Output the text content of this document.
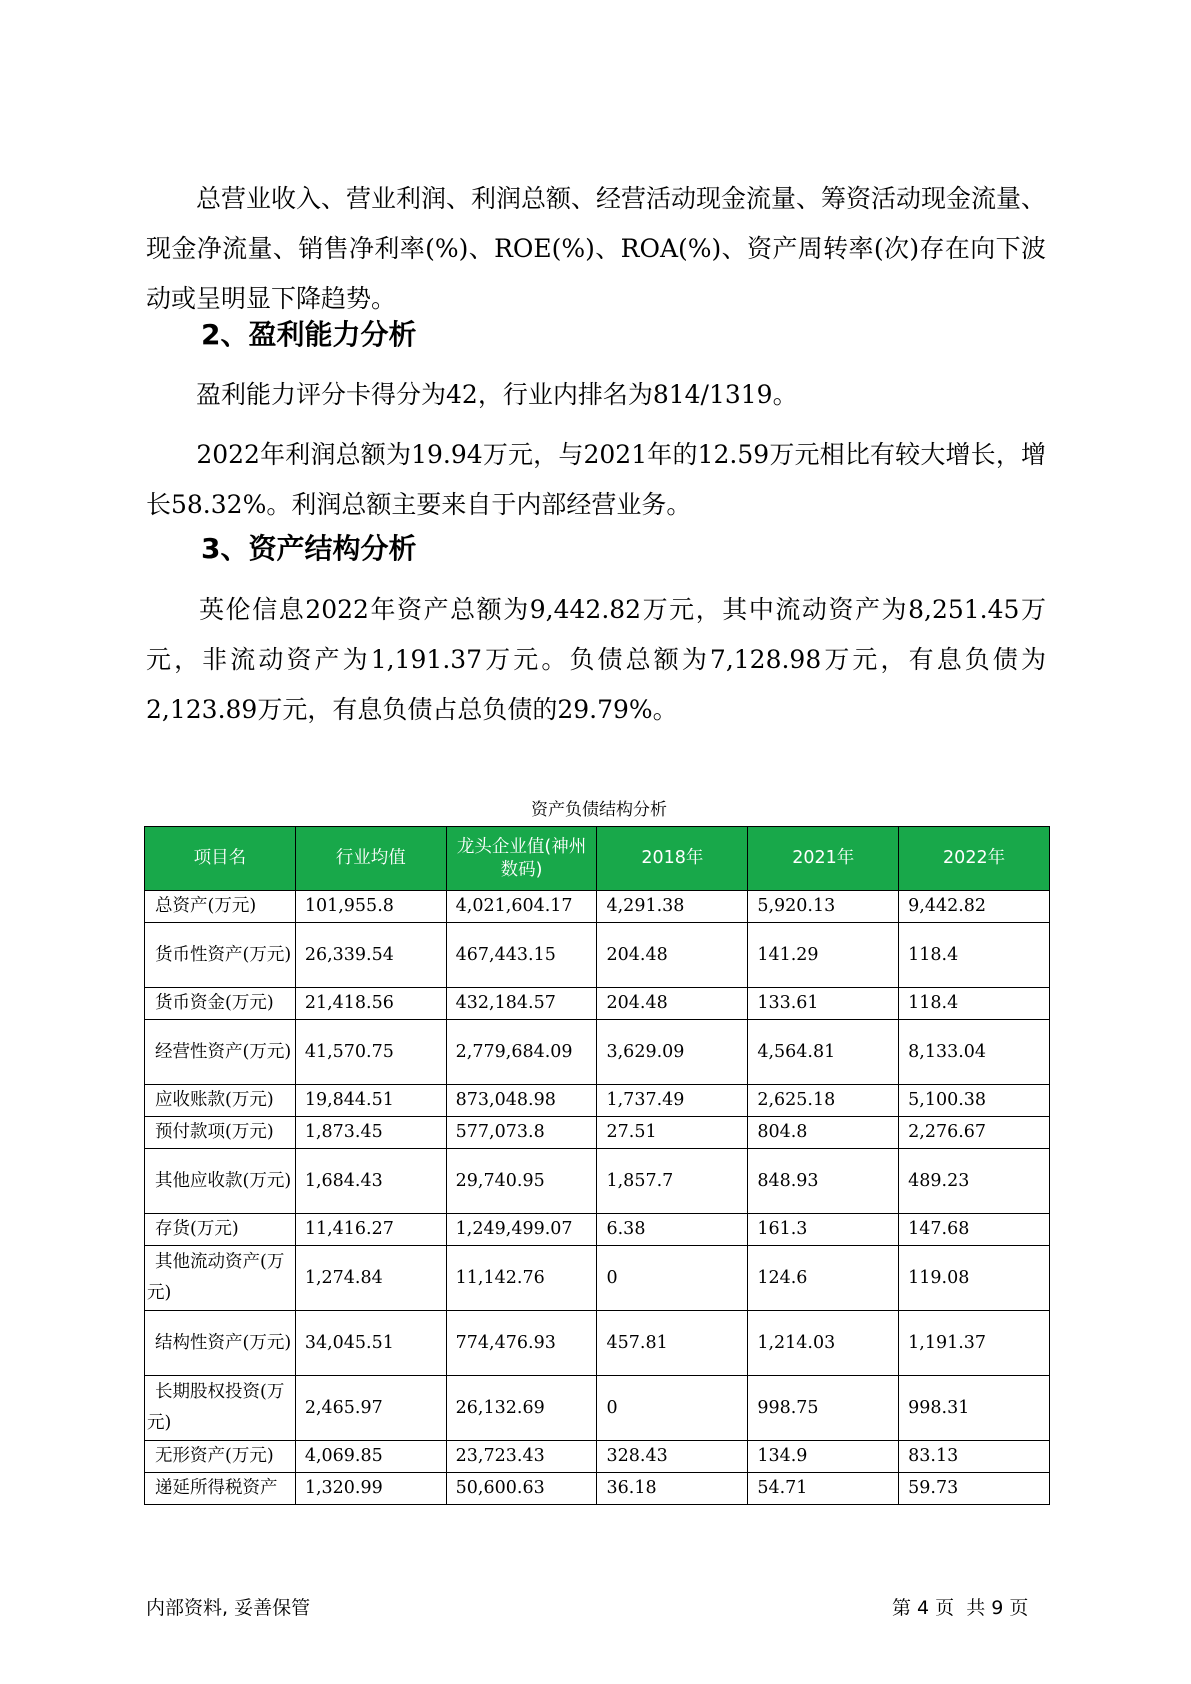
　　总营业收入、营业利润、利润总额、经营活动现金流量、筹资活动现金流量、现金净流量、销售净利率(%)、ROE(%)、ROA(%)、资产周转率(次)存在向下波动或呈明显下降趋势。

2、盈利能力分析

　　盈利能力评分卡得分为42，行业内排名为814/1319。

　　2022年利润总额为19.94万元，与2021年的12.59万元相比有较大增长，增长58.32%。利润总额主要来自于内部经营业务。

3、资产结构分析

　　英伦信息2022年资产总额为9,442.82万元，其中流动资产为8,251.45万元，非流动资产为1,191.37万元。负债总额为7,128.98万元，有息负债为2,123.89万元，有息负债占总负债的29.79%。

资产负债结构分析

项目名	行业均值	龙头企业值(神州数码)	2018年	2021年	2022年
总资产(万元)	101,955.8	4,021,604.17	4,291.38	5,920.13	9,442.82
货币性资产(万元)	26,339.54	467,443.15	204.48	141.29	118.4
货币资金(万元)	21,418.56	432,184.57	204.48	133.61	118.4
经营性资产(万元)	41,570.75	2,779,684.09	3,629.09	4,564.81	8,133.04
应收账款(万元)	19,844.51	873,048.98	1,737.49	2,625.18	5,100.38
预付款项(万元)	1,873.45	577,073.8	27.51	804.8	2,276.67
其他应收款(万元)	1,684.43	29,740.95	1,857.7	848.93	489.23
存货(万元)	11,416.27	1,249,499.07	6.38	161.3	147.68
其他流动资产(万元)	1,274.84	11,142.76	0	124.6	119.08
结构性资产(万元)	34,045.51	774,476.93	457.81	1,214.03	1,191.37
长期股权投资(万元)	2,465.97	26,132.69	0	998.75	998.31
无形资产(万元)	4,069.85	23,723.43	328.43	134.9	83.13
递延所得税资产	1,320.99	50,600.63	36.18	54.71	59.73

内部资料, 妥善保管	第 4 页  共 9 页
